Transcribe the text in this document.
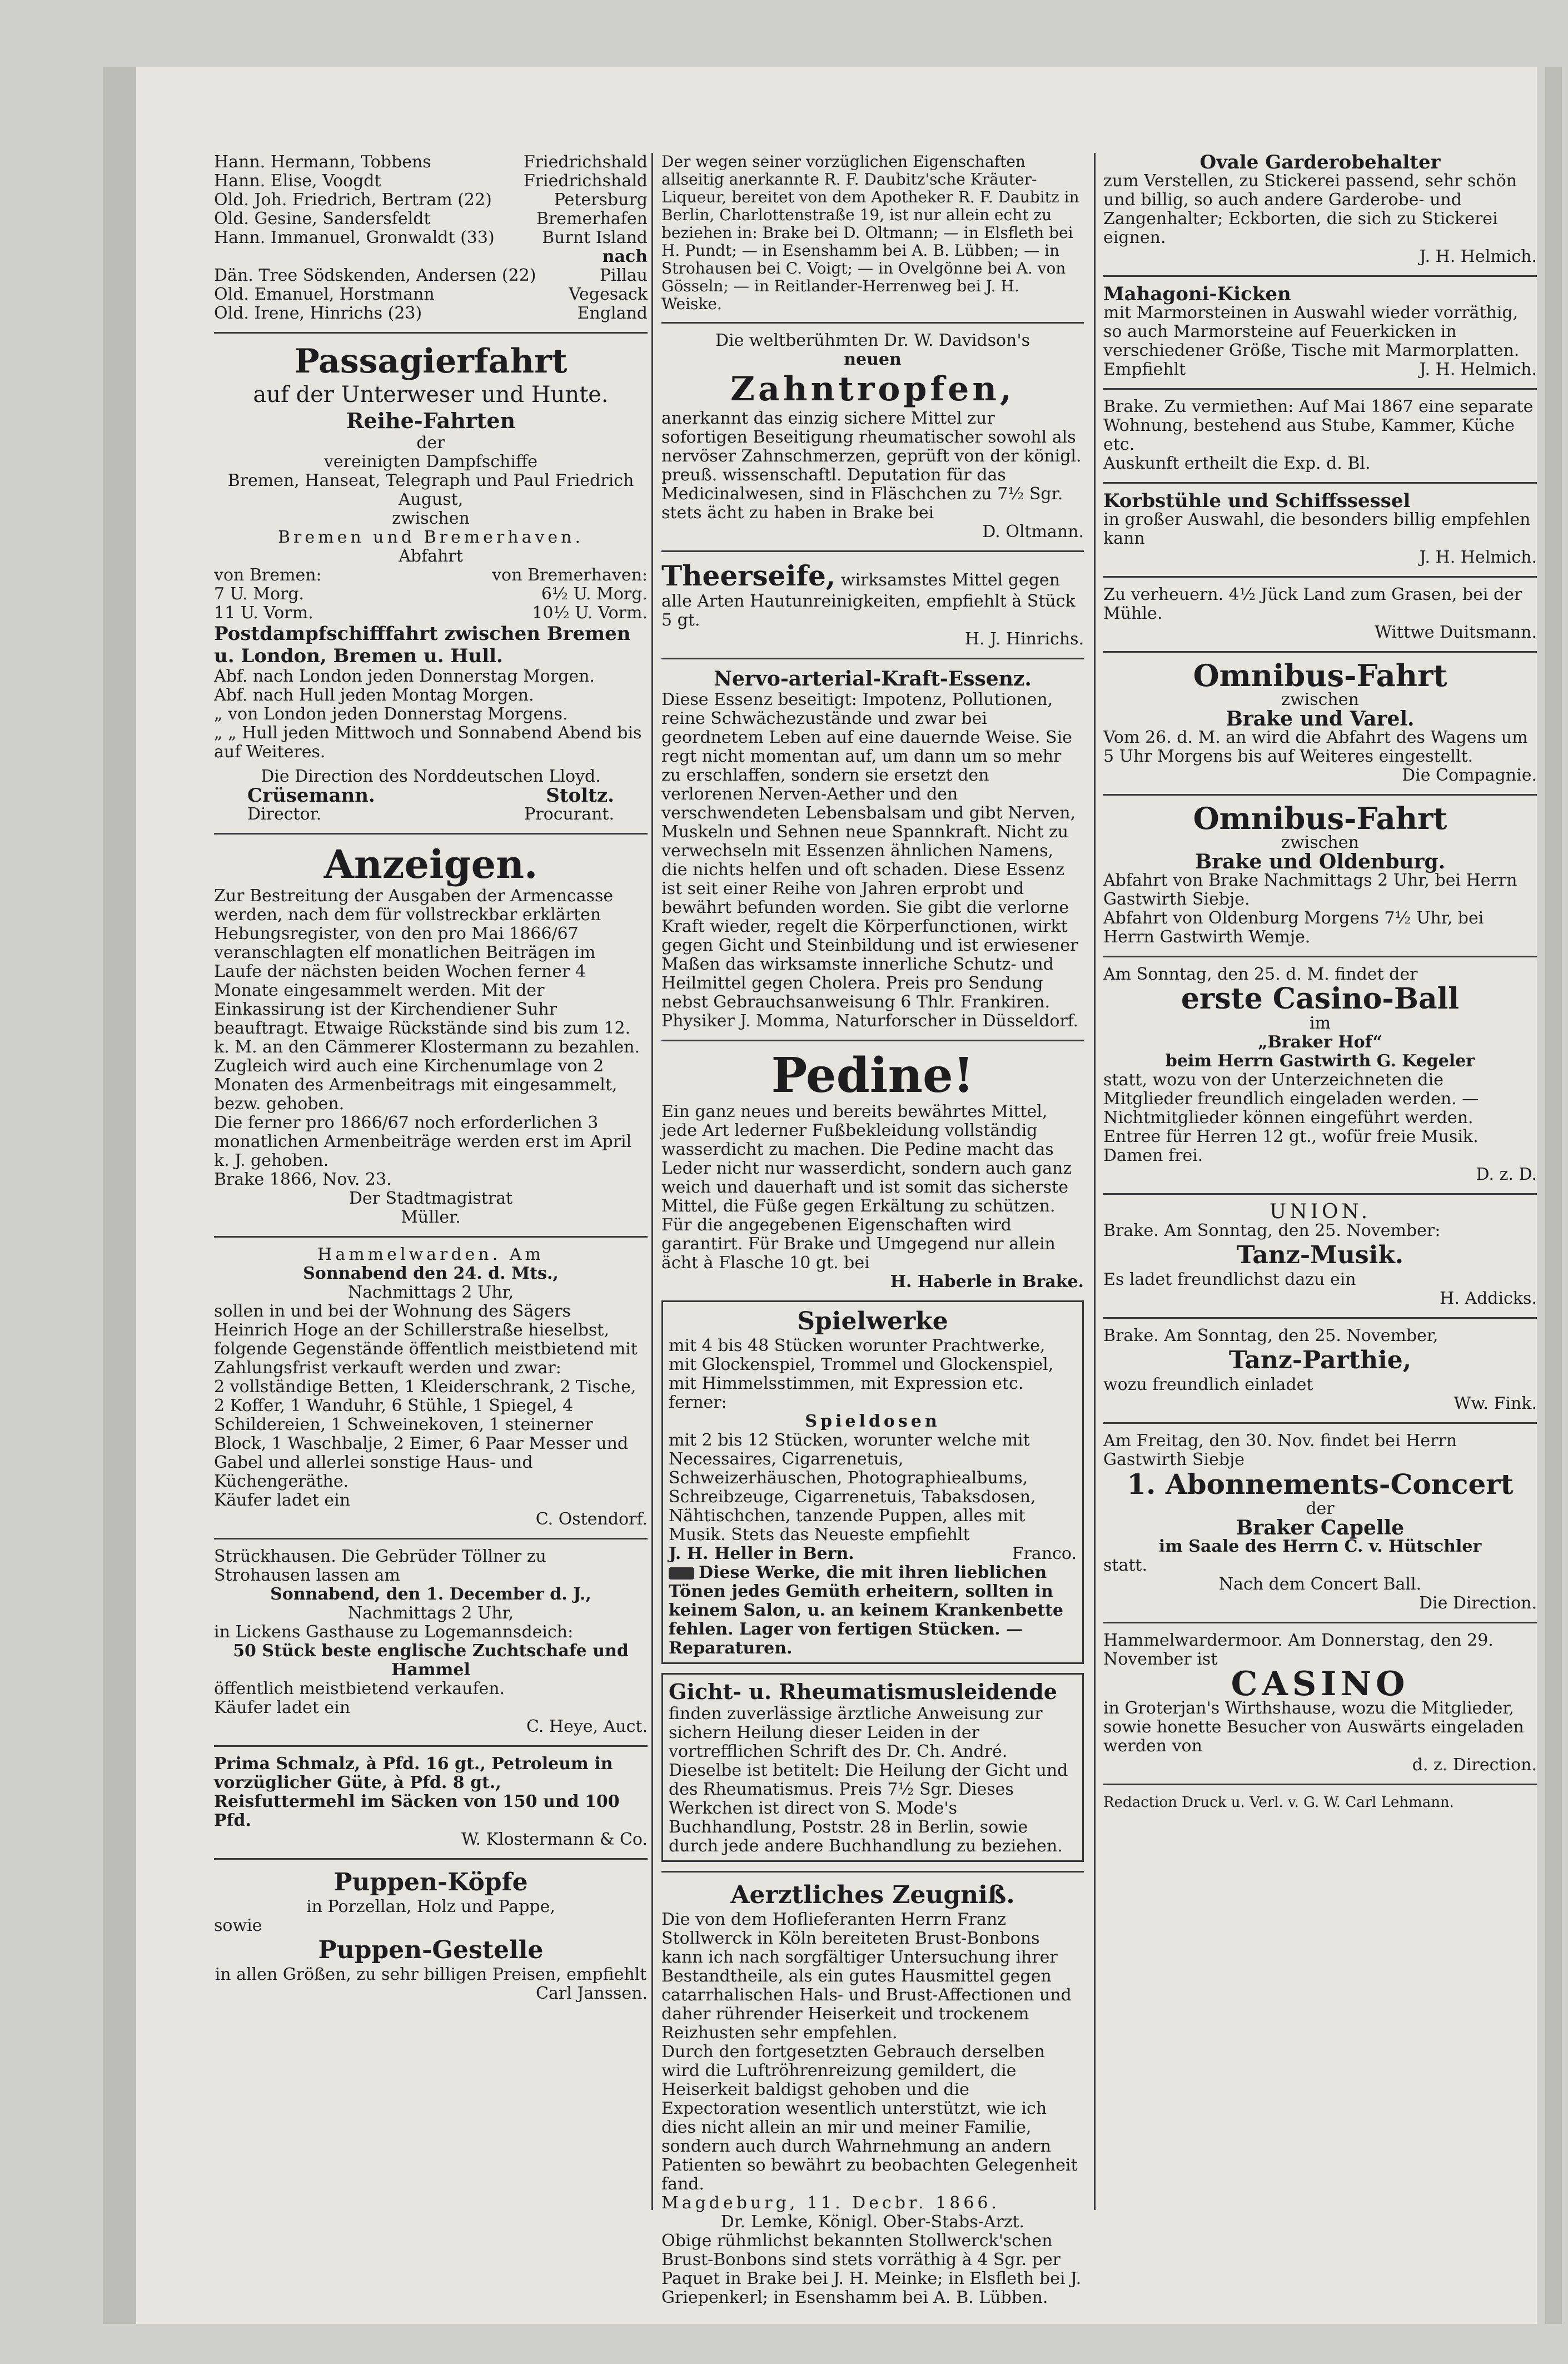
Hann. Hermann, Tobbens	Friedrichshald
Hann. Elise, Voogdt	Friedrichshald
Old. Joh. Friedrich, Bertram (22)	Petersburg
Old. Gesine, Sandersfeldt	Bremerhafen
Hann. Immanuel, Gronwaldt (33)	Burnt Island
nach
Dän. Tree Södskenden, Andersen (22)	Pillau
Old. Emanuel, Horstmann	Vegesack
Old. Irene, Hinrichs (23)	England
Passagierfahrt
auf der Unterweser und Hunte.
Reihe-Fahrten
der
vereinigten Dampfschiffe
Bremen, Hanseat, Telegraph und Paul Friedrich August,
zwischen
Bremen und Bremerhaven.
Abfahrt
von Bremen:	von Bremerhaven:
7 U. Morg.	6½ U. Morg.
11 U. Vorm.	10½ U. Vorm.
Postdampfschifffahrt zwischen Bremen u. London, Bremen u. Hull.

Abf. nach London jeden Donnerstag Morgen.

Abf. nach Hull jeden Montag Morgen.

„ von London jeden Donnerstag Morgens.

„ „ Hull jeden Mittwoch und Sonnabend Abend bis auf Weiteres.

Die Direction des Norddeutschen Lloyd.
Crüsemann.	Stoltz.
Director.	Procurant.
Anzeigen.

Zur Bestreitung der Ausgaben der Armencasse werden, nach dem für vollstreckbar erklärten Hebungsregister, von den pro Mai 1866/67 veranschlagten elf monatlichen Beiträgen im Laufe der nächsten beiden Wochen ferner 4 Monate eingesammelt werden. Mit der Einkassirung ist der Kirchendiener Suhr beauftragt. Etwaige Rückstände sind bis zum 12. k. M. an den Cämmerer Klostermann zu bezahlen.

Zugleich wird auch eine Kirchenumlage von 2 Monaten des Armenbeitrags mit eingesammelt, bezw. gehoben.

Die ferner pro 1866/67 noch erforderlichen 3 monatlichen Armenbeiträge werden erst im April k. J. gehoben.

Brake 1866, Nov. 23.

Der Stadtmagistrat

Müller.

Hammelwarden. Am

Sonnabend den 24. d. Mts.,

Nachmittags 2 Uhr,

sollen in und bei der Wohnung des Sägers Heinrich Hoge an der Schillerstraße hieselbst, folgende Gegenstände öffentlich meistbietend mit Zahlungsfrist verkauft werden und zwar:

2 vollständige Betten, 1 Kleiderschrank, 2 Tische, 2 Koffer, 1 Wanduhr, 6 Stühle, 1 Spiegel, 4 Schildereien, 1 Schweinekoven, 1 steinerner Block, 1 Waschbalje, 2 Eimer, 6 Paar Messer und Gabel und allerlei sonstige Haus- und Küchengeräthe.

Käufer ladet ein

C. Ostendorf.

Strückhausen. Die Gebrüder Töllner zu Strohausen lassen am

Sonnabend, den 1. December d. J.,

Nachmittags 2 Uhr,

in Lickens Gasthause zu Logemannsdeich:

50 Stück beste englische Zuchtschafe und Hammel

öffentlich meistbietend verkaufen.

Käufer ladet ein

C. Heye, Auct.

Prima Schmalz, à Pfd. 16 gt., Petroleum in vorzüglicher Güte, à Pfd. 8 gt., Reisfuttermehl im Säcken von 150 und 100 Pfd.

W. Klostermann & Co.

Puppen-Köpfe

in Porzellan, Holz und Pappe,

sowie

Puppen-Gestelle

in allen Größen, zu sehr billigen Preisen, empfiehlt

Carl Janssen.

Der wegen seiner vorzüglichen Eigenschaften allseitig anerkannte R. F. Daubitz'sche Kräuter-Liqueur, bereitet von dem Apotheker R. F. Daubitz in Berlin, Charlottenstraße 19, ist nur allein echt zu beziehen in: Brake bei D. Oltmann; — in Elsfleth bei H. Pundt; — in Esenshamm bei A. B. Lübben; — in Strohausen bei C. Voigt; — in Ovelgönne bei A. von Gösseln; — in Reitlander-Herrenweg bei J. H. Weiske.

Die weltberühmten Dr. W. Davidson's

neuen

Zahntropfen,

anerkannt das einzig sichere Mittel zur sofortigen Beseitigung rheumatischer sowohl als nervöser Zahnschmerzen, geprüft von der königl. preuß. wissenschaftl. Deputation für das Medicinalwesen, sind in Fläschchen zu 7½ Sgr. stets ächt zu haben in Brake bei

D. Oltmann.

Theerseife, wirksamstes Mittel gegen alle Arten Hautunreinigkeiten, empfiehlt à Stück 5 gt.

H. J. Hinrichs.

Nervo-arterial-Kraft-Essenz.

Diese Essenz beseitigt: Impotenz, Pollutionen, reine Schwächezustände und zwar bei geordnetem Leben auf eine dauernde Weise. Sie regt nicht momentan auf, um dann um so mehr zu erschlaffen, sondern sie ersetzt den verlorenen Nerven-Aether und den verschwendeten Lebensbalsam und gibt Nerven, Muskeln und Sehnen neue Spannkraft. Nicht zu verwechseln mit Essenzen ähnlichen Namens, die nichts helfen und oft schaden. Diese Essenz ist seit einer Reihe von Jahren erprobt und bewährt befunden worden. Sie gibt die verlorne Kraft wieder, regelt die Körperfunctionen, wirkt gegen Gicht und Steinbildung und ist erwiesener Maßen das wirksamste innerliche Schutz- und Heilmittel gegen Cholera. Preis pro Sendung nebst Gebrauchsanweisung 6 Thlr. Frankiren. Physiker J. Momma, Naturforscher in Düsseldorf.

Pedine!

Ein ganz neues und bereits bewährtes Mittel, jede Art lederner Fußbekleidung vollständig wasserdicht zu machen. Die Pedine macht das Leder nicht nur wasserdicht, sondern auch ganz weich und dauerhaft und ist somit das sicherste Mittel, die Füße gegen Erkältung zu schützen. Für die angegebenen Eigenschaften wird garantirt. Für Brake und Umgegend nur allein ächt à Flasche 10 gt. bei

H. Haberle in Brake.

Spielwerke

mit 4 bis 48 Stücken worunter Prachtwerke, mit Glockenspiel, Trommel und Glockenspiel, mit Himmelsstimmen, mit Expression etc. ferner:

Spieldosen

mit 2 bis 12 Stücken, worunter welche mit Necessaires, Cigarrenetuis, Schweizerhäuschen, Photographiealbums, Schreibzeuge, Cigarrenetuis, Tabaksdosen, Nähtischchen, tanzende Puppen, alles mit Musik. Stets das Neueste empfiehlt

J. H. Heller in Bern.	Franco.

Diese Werke, die mit ihren lieblichen Tönen jedes Gemüth erheitern, sollten in keinem Salon, u. an keinem Krankenbette fehlen. Lager von fertigen Stücken. — Reparaturen.

Gicht- u. Rheumatismusleidende

finden zuverlässige ärztliche Anweisung zur sichern Heilung dieser Leiden in der vortrefflichen Schrift des Dr. Ch. André. Dieselbe ist betitelt: Die Heilung der Gicht und des Rheumatismus. Preis 7½ Sgr. Dieses Werkchen ist direct von S. Mode's Buchhandlung, Poststr. 28 in Berlin, sowie durch jede andere Buchhandlung zu beziehen.

Aerztliches Zeugniß.

Die von dem Hoflieferanten Herrn Franz Stollwerck in Köln bereiteten Brust-Bonbons kann ich nach sorgfältiger Untersuchung ihrer Bestandtheile, als ein gutes Hausmittel gegen catarrhalischen Hals- und Brust-Affectionen und daher rührender Heiserkeit und trockenem Reizhusten sehr empfehlen.

Durch den fortgesetzten Gebrauch derselben wird die Luftröhrenreizung gemildert, die Heiserkeit baldigst gehoben und die Expectoration wesentlich unterstützt, wie ich dies nicht allein an mir und meiner Familie, sondern auch durch Wahrnehmung an andern Patienten so bewährt zu beobachten Gelegenheit fand.

Magdeburg, 11. Decbr. 1866.

Dr. Lemke, Königl. Ober-Stabs-Arzt.

Obige rühmlichst bekannten Stollwerck'schen Brust-Bonbons sind stets vorräthig à 4 Sgr. per Paquet in Brake bei J. H. Meinke; in Elsfleth bei J. Griepenkerl; in Esenshamm bei A. B. Lübben.

Ovale Garderobehalter

zum Verstellen, zu Stickerei passend, sehr schön und billig, so auch andere Garderobe- und Zangenhalter; Eckborten, die sich zu Stickerei eignen.

J. H. Helmich.

Mahagoni-Kicken

mit Marmorsteinen in Auswahl wieder vorräthig, so auch Marmorsteine auf Feuerkicken in verschiedener Größe, Tische mit Marmorplatten.

Empfiehlt	J. H. Helmich.

Brake. Zu vermiethen: Auf Mai 1867 eine separate Wohnung, bestehend aus Stube, Kammer, Küche etc.

Auskunft ertheilt die Exp. d. Bl.

Korbstühle und Schiffssessel

in großer Auswahl, die besonders billig empfehlen kann

J. H. Helmich.

Zu verheuern. 4½ Jück Land zum Grasen, bei der Mühle.

Wittwe Duitsmann.

Omnibus-Fahrt

zwischen

Brake und Varel.

Vom 26. d. M. an wird die Abfahrt des Wagens um 5 Uhr Morgens bis auf Weiteres eingestellt.

Die Compagnie.

Omnibus-Fahrt

zwischen

Brake und Oldenburg.

Abfahrt von Brake Nachmittags 2 Uhr, bei Herrn Gastwirth Siebje.

Abfahrt von Oldenburg Morgens 7½ Uhr, bei Herrn Gastwirth Wemje.

Am Sonntag, den 25. d. M. findet der

erste Casino-Ball

im

„Braker Hof“

beim Herrn Gastwirth G. Kegeler

statt, wozu von der Unterzeichneten die Mitglieder freundlich eingeladen werden. — Nichtmitglieder können eingeführt werden.

Entree für Herren 12 gt., wofür freie Musik. Damen frei.

D. z. D.

UNION.

Brake. Am Sonntag, den 25. November:

Tanz-Musik.

Es ladet freundlichst dazu ein

H. Addicks.

Brake. Am Sonntag, den 25. November,

Tanz-Parthie,

wozu freundlich einladet

Ww. Fink.

Am Freitag, den 30. Nov. findet bei Herrn Gastwirth Siebje

1. Abonnements-Concert

der

Braker Capelle

im Saale des Herrn C. v. Hütschler

statt.

Nach dem Concert Ball.

Die Direction.

Hammelwardermoor. Am Donnerstag, den 29. November ist

CASINO

in Groterjan's Wirthshause, wozu die Mitglieder, sowie honette Besucher von Auswärts eingeladen werden von

d. z. Direction.

Redaction Druck u. Verl. v. G. W. Carl Lehmann.
